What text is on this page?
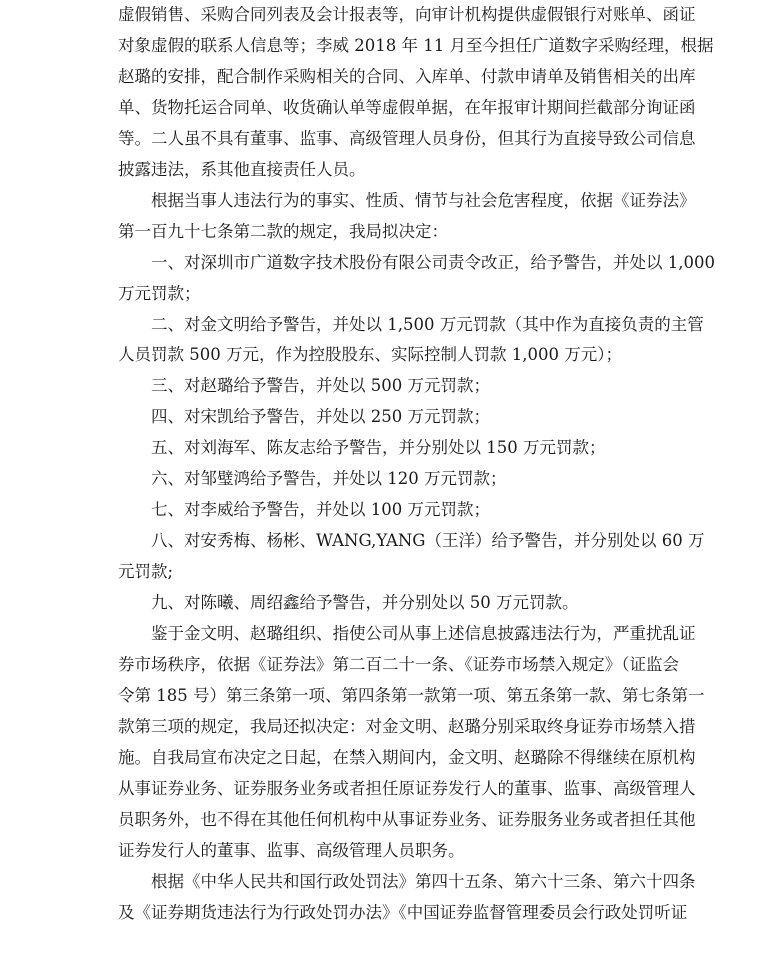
虚假销售、采购合同列表及会计报表等，向审计机构提供虚假银行对账单、函证
对象虚假的联系人信息等；李威 2018 年 11 月至今担任广道数字采购经理，根据
赵璐的安排，配合制作采购相关的合同、入库单、付款申请单及销售相关的出库
单、货物托运合同单、收货确认单等虚假单据，在年报审计期间拦截部分询证函
等。二人虽不具有董事、监事、高级管理人员身份，但其行为直接导致公司信息
披露违法，系其他直接责任人员。

根据当事人违法行为的事实、性质、情节与社会危害程度，依据《证券法》
第一百九十七条第二款的规定，我局拟决定：

一、对深圳市广道数字技术股份有限公司责令改正，给予警告，并处以 1,000
万元罚款；

二、对金文明给予警告，并处以 1,500 万元罚款（其中作为直接负责的主管
人员罚款 500 万元，作为控股股东、实际控制人罚款 1,000 万元）；

三、对赵璐给予警告，并处以 500 万元罚款；

四、对宋凯给予警告，并处以 250 万元罚款；

五、对刘海军、陈友志给予警告，并分别处以 150 万元罚款；

六、对邹璧鸿给予警告，并处以 120 万元罚款；

七、对李威给予警告，并处以 100 万元罚款；

八、对安秀梅、杨彬、WANG,YANG（王洋）给予警告，并分别处以 60 万
元罚款;

九、对陈曦、周绍鑫给予警告，并分别处以 50 万元罚款。

鉴于金文明、赵璐组织、指使公司从事上述信息披露违法行为，严重扰乱证
券市场秩序，依据《证券法》第二百二十一条、《证券市场禁入规定》（证监会
令第 185 号）第三条第一项、第四条第一款第一项、第五条第一款、第七条第一
款第三项的规定，我局还拟决定：对金文明、赵璐分别采取终身证券市场禁入措
施。自我局宣布决定之日起，在禁入期间内，金文明、赵璐除不得继续在原机构
从事证券业务、证券服务业务或者担任原证券发行人的董事、监事、高级管理人
员职务外，也不得在其他任何机构中从事证券业务、证券服务业务或者担任其他
证券发行人的董事、监事、高级管理人员职务。

根据《中华人民共和国行政处罚法》第四十五条、第六十三条、第六十四条
及《证券期货违法行为行政处罚办法》《中国证券监督管理委员会行政处罚听证
